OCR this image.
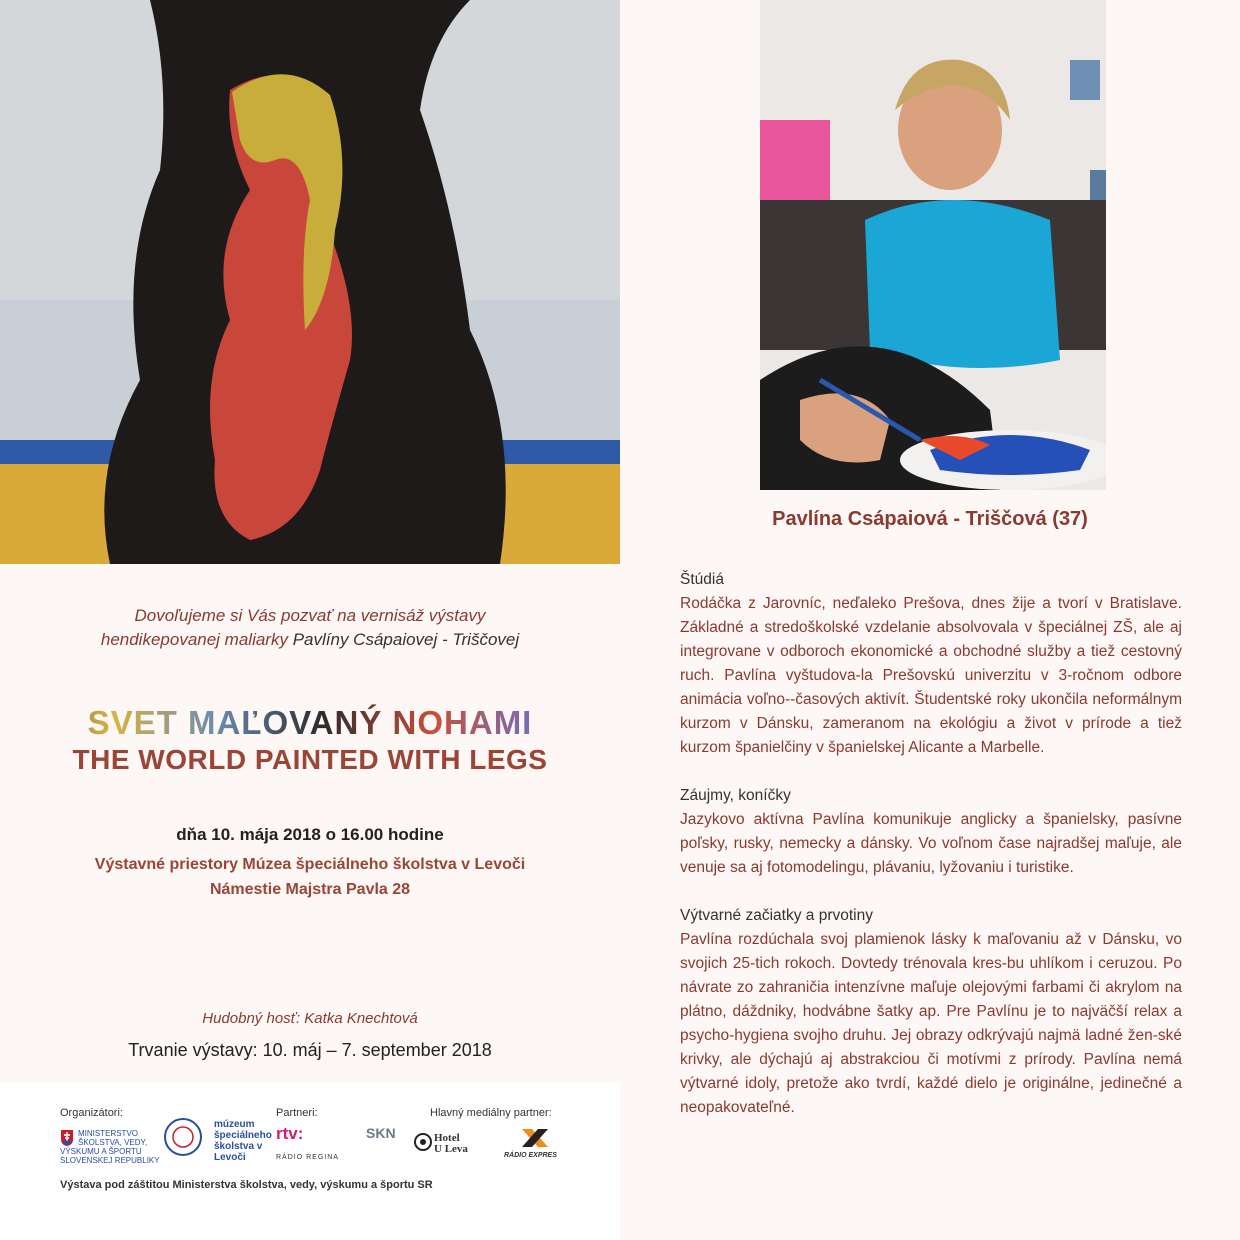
Dovoľujeme si Vás pozvať na vernisáž výstavy
hendikepovanej maliarky Pavlíny Csápaiovej - Triščovej
SVET MAĽOVANÝ NOHAMI
THE WORLD PAINTED WITH LEGS
dňa 10. mája 2018 o 16.00 hodine
Výstavné priestory Múzea špeciálneho školstva v Levoči
Námestie Majstra Pavla 28
Hudobný hosť: Katka Knechtová
Trvanie výstavy: 10. máj – 7. september 2018
Organizátori:	Partneri:	Hlavný mediálny partner:
MINISTERSTVO ŠKOLSTVA, VEDY, VÝSKUMU A ŠPORTU SLOVENSKEJ REPUBLIKY
múzeum špeciálneho školstva v Levoči
rtv:
RÁDIO REGINA
SKN	Hotel U Leva
RÁDIO EXPRES
Výstava pod záštitou Ministerstva školstva, vedy, výskumu a športu SR
Pavlína Csápaiová - Triščová (37)
Štúdiá

Rodáčka z Jarovníc, neďaleko Prešova, dnes žije a tvorí v Bratislave. Základné a stredoškolské vzdelanie absolvovala v špeciálnej ZŠ, ale aj integrovane v odboroch ekonomické a obchodné služby a tiež cestovný ruch. Pavlína vyštudova-la Prešovskú univerzitu v 3-ročnom odbore animácia voľno--časových aktivít. Študentské roky ukončila neformálnym kurzom v Dánsku, zameranom na ekológiu a život v prírode a tiež kurzom španielčiny v španielskej Alicante a Marbelle.

Záujmy, koníčky

Jazykovo aktívna Pavlína komunikuje anglicky a španielsky, pasívne poľsky, rusky, nemecky a dánsky. Vo voľnom čase najradšej maľuje, ale venuje sa aj fotomodelingu, plávaniu, lyžovaniu i turistike.

Výtvarné začiatky a prvotiny

Pavlína rozdúchala svoj plamienok lásky k maľovaniu až v Dánsku, vo svojich 25-tich rokoch. Dovtedy trénovala kres-bu uhlíkom i ceruzou. Po návrate zo zahraničia intenzívne maľuje olejovými farbami či akrylom na plátno, dáždniky, hodvábne šatky ap. Pre Pavlínu je to najväčší relax a psycho-hygiena svojho druhu. Jej obrazy odkrývajú najmä ladné žen-ské krivky, ale dýchajú aj abstrakciou či motívmi z prírody. Pavlína nemá výtvarné idoly, pretože ako tvrdí, každé dielo je originálne, jedinečné a neopakovateľné.
